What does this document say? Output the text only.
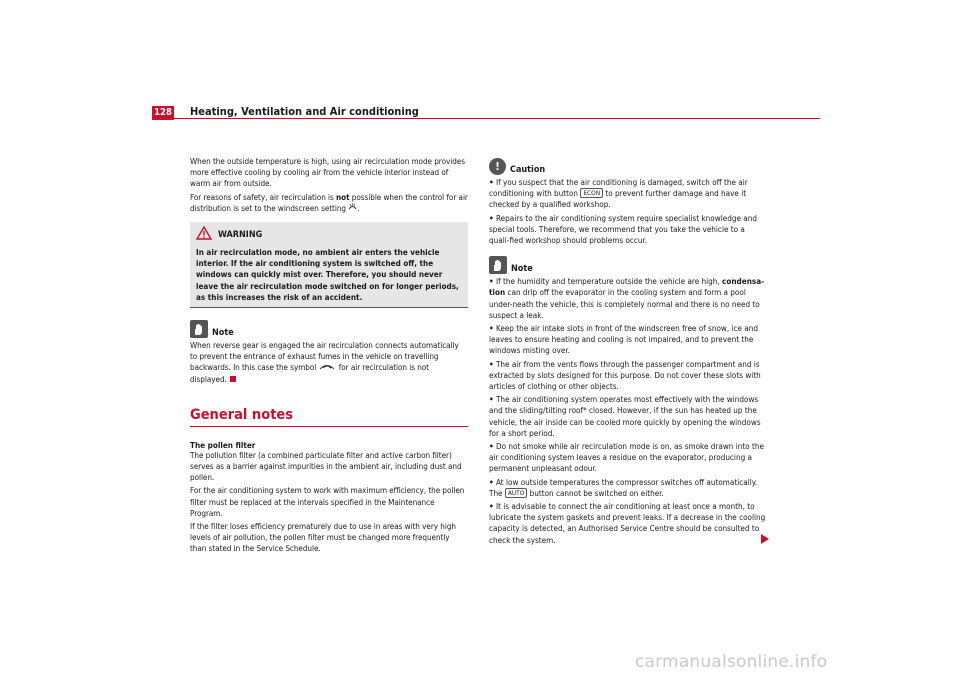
128 Heating, Ventilation and Air conditioning

When the outside temperature is high, using air recirculation mode provides more effective cooling by cooling air from the vehicle interior instead of warm air from outside.

For reasons of safety, air recirculation is not possible when the control for air distribution is set to the windscreen setting .

WARNING
In air recirculation mode, no ambient air enters the vehicle interior. If the air conditioning system is switched off, the windows can quickly mist over. Therefore, you should never leave the air recirculation mode switched on for longer periods, as this increases the risk of an accident.
Note

When reverse gear is engaged the air recirculation connects automatically to prevent the entrance of exhaust fumes in the vehicle on travelling backwards. In this case the symbol  for air recirculation is not displayed.

General notes
The pollen filter

The pollution filter (a combined particulate filter and active carbon filter) serves as a barrier against impurities in the ambient air, including dust and pollen.

For the air conditioning system to work with maximum efficiency, the pollen filter must be replaced at the intervals specified in the Maintenance Program.

If the filter loses efficiency prematurely due to use in areas with very high levels of air pollution, the pollen filter must be changed more frequently than stated in the Service Schedule.

!	Caution
• If you suspect that the air conditioning is damaged, switch off the air conditioning with button ECON to prevent further damage and have it checked by a qualified workshop.
• Repairs to the air conditioning system require specialist knowledge and special tools. Therefore, we recommend that you take the vehicle to a quali-fied workshop should problems occur.
Note
• If the humidity and temperature outside the vehicle are high, condensa-tion can drip off the evaporator in the cooling system and form a pool under-neath the vehicle, this is completely normal and there is no need to suspect a leak.
• Keep the air intake slots in front of the windscreen free of snow, ice and leaves to ensure heating and cooling is not impaired, and to prevent the windows misting over.
• The air from the vents flows through the passenger compartment and is extracted by slots designed for this purpose. Do not cover these slots with articles of clothing or other objects.
• The air conditioning system operates most effectively with the windows and the sliding/tilting roof* closed. However, if the sun has heated up the vehicle, the air inside can be cooled more quickly by opening the windows for a short period.
• Do not smoke while air recirculation mode is on, as smoke drawn into the air conditioning system leaves a residue on the evaporator, producing a permanent unpleasant odour.
• At low outside temperatures the compressor switches off automatically. The AUTO button cannot be switched on either.
• It is advisable to connect the air conditioning at least once a month, to lubricate the system gaskets and prevent leaks. If a decrease in the cooling capacity is detected, an Authorised Service Centre should be consulted to check the system.
carmanualsonline.info
